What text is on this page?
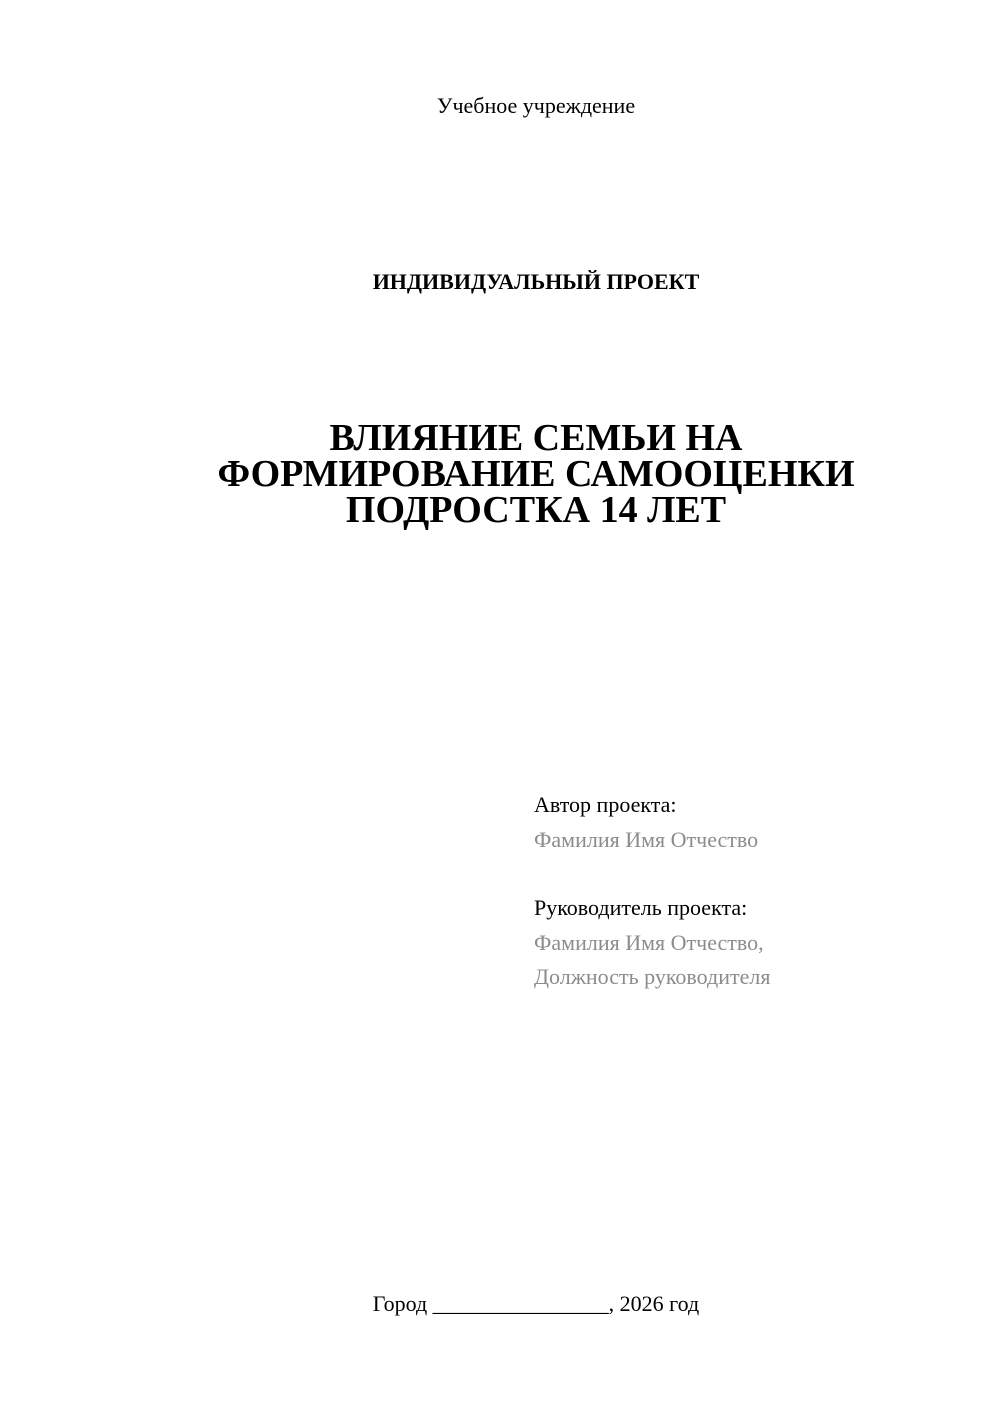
Учебное учреждение
ИНДИВИДУАЛЬНЫЙ ПРОЕКТ
ВЛИЯНИЕ СЕМЬИ НА
ФОРМИРОВАНИЕ САМООЦЕНКИ
ПОДРОСТКА 14 ЛЕТ
Автор проекта:
Фамилия Имя Отчество
Руководитель проекта:
Фамилия Имя Отчество,
Должность руководителя
Город ________________, 2026 год
